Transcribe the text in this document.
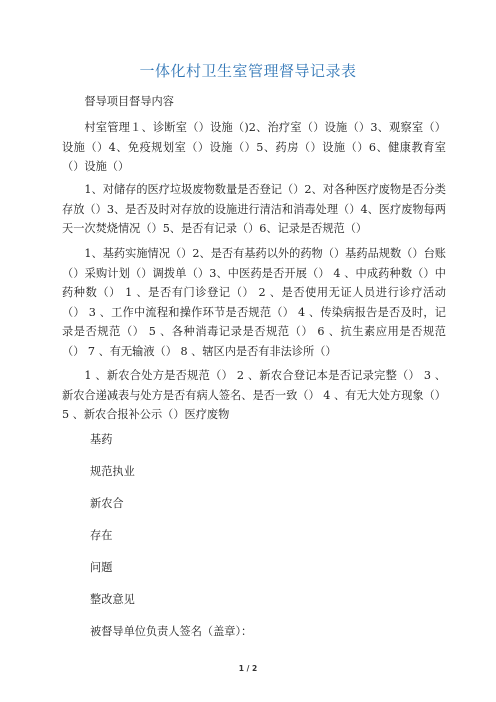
一体化村卫生室管理督导记录表
督导项目督导内容
村室管理１、诊断室（）设施（)2、治疗室（）设施（）3、观察室（）设施（）4、免疫规划室（）设施（）5、药房（）设施（）6、健康教育室（）设施（）
1、对储存的医疗垃圾废物数量是否登记（）2、对各种医疗废物是否分类存放（）3、是否及时对存放的设施进行清洁和消毒处理（）4、医疗废物每两天一次焚烧情况（）5、是否有记录（）6、记录是否规范（）
1、基药实施情况（）2、是否有基药以外的药物（）基药品规数（）台账（）采购计划（）调拨单（）3、中医药是否开展（） 4 、中成药种数（）中药种数（） 1 、是否有门诊登记（） 2 、是否使用无证人员进行诊疗活动（） 3 、工作中流程和操作环节是否规范（） 4 、传染病报告是否及时，记录是否规范（） 5 、各种消毒记录是否规范（） 6 、抗生素应用是否规范（） 7 、有无输液（） 8 、辖区内是否有非法诊所（）
1 、新农合处方是否规范（） 2 、新农合登记本是否记录完整（） 3 、新农合递减表与处方是否有病人签名、是否一致（） 4 、有无大处方现象（） 5 、新农合报补公示（）医疗废物
基药
规范执业
新农合
存在
问题
整改意见
被督导单位负责人签名（盖章）：
1 / 2
